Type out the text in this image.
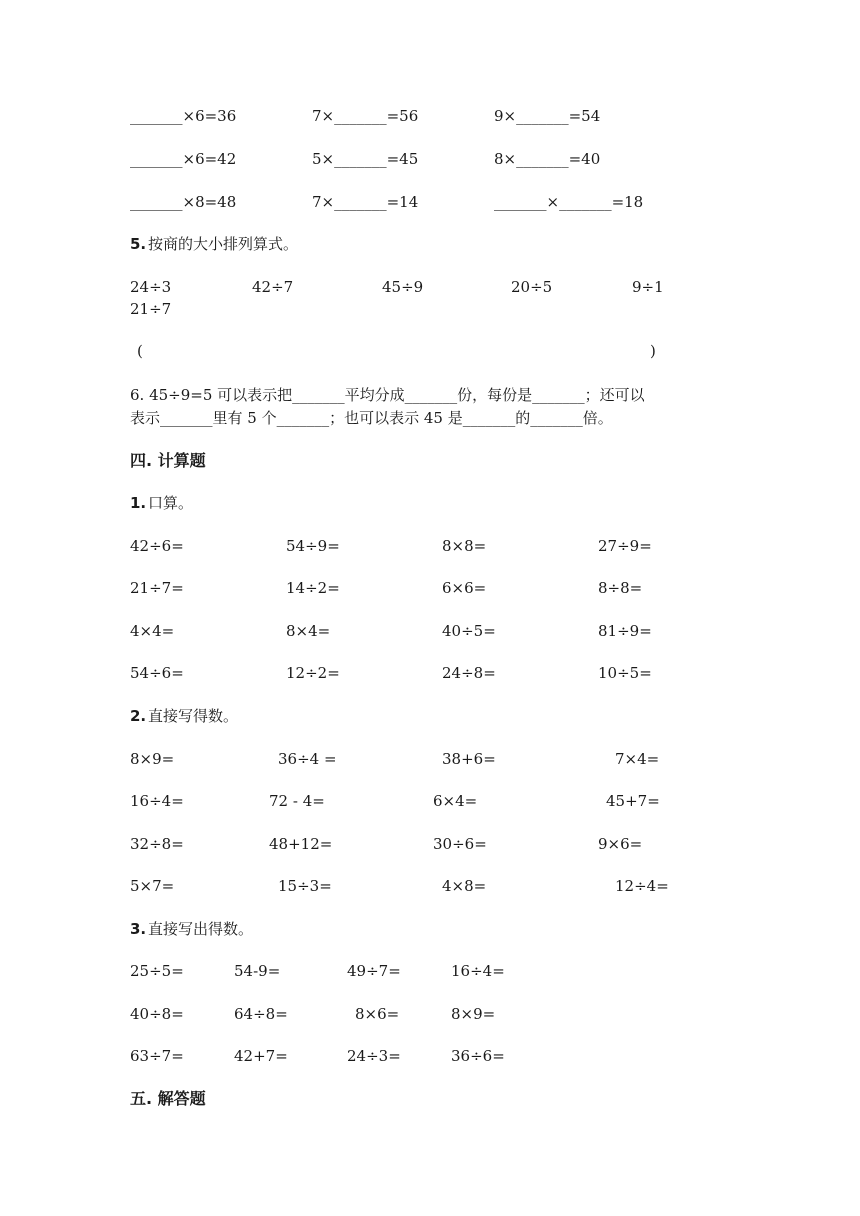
_______×6=36	7×_______=56	9×_______=54
_______×6=42	5×_______=45	8×_______=40
_______×8=48	7×_______=14	_______×_______=18
5. 按商的大小排列算式。
24÷3	42÷7	45÷9	20÷5	9÷1
21÷7
(	)
6. 45÷9=5 可以表示把_______平均分成_______份，每份是_______；还可以
表示_______里有 5 个_______；也可以表示 45 是_______的_______倍。
四. 计算题
1. 口算。
42÷6=	54÷9=	8×8=	27÷9=
21÷7=	14÷2=	6×6=	8÷8=
4×4=	8×4=	40÷5=	81÷9=
54÷6=	12÷2=	24÷8=	10÷5=
2. 直接写得数。
8×9=	36÷4 =	38+6=	7×4=
16÷4=	72 - 4=	6×4=	45+7=
32÷8=	48+12=	30÷6=	9×6=
5×7=	15÷3=	4×8=	12÷4=
3. 直接写出得数。
25÷5=	54-9=	49÷7=	16÷4=
40÷8=	64÷8=	8×6=	8×9=
63÷7=	42+7=	24÷3=	36÷6=
五. 解答题
